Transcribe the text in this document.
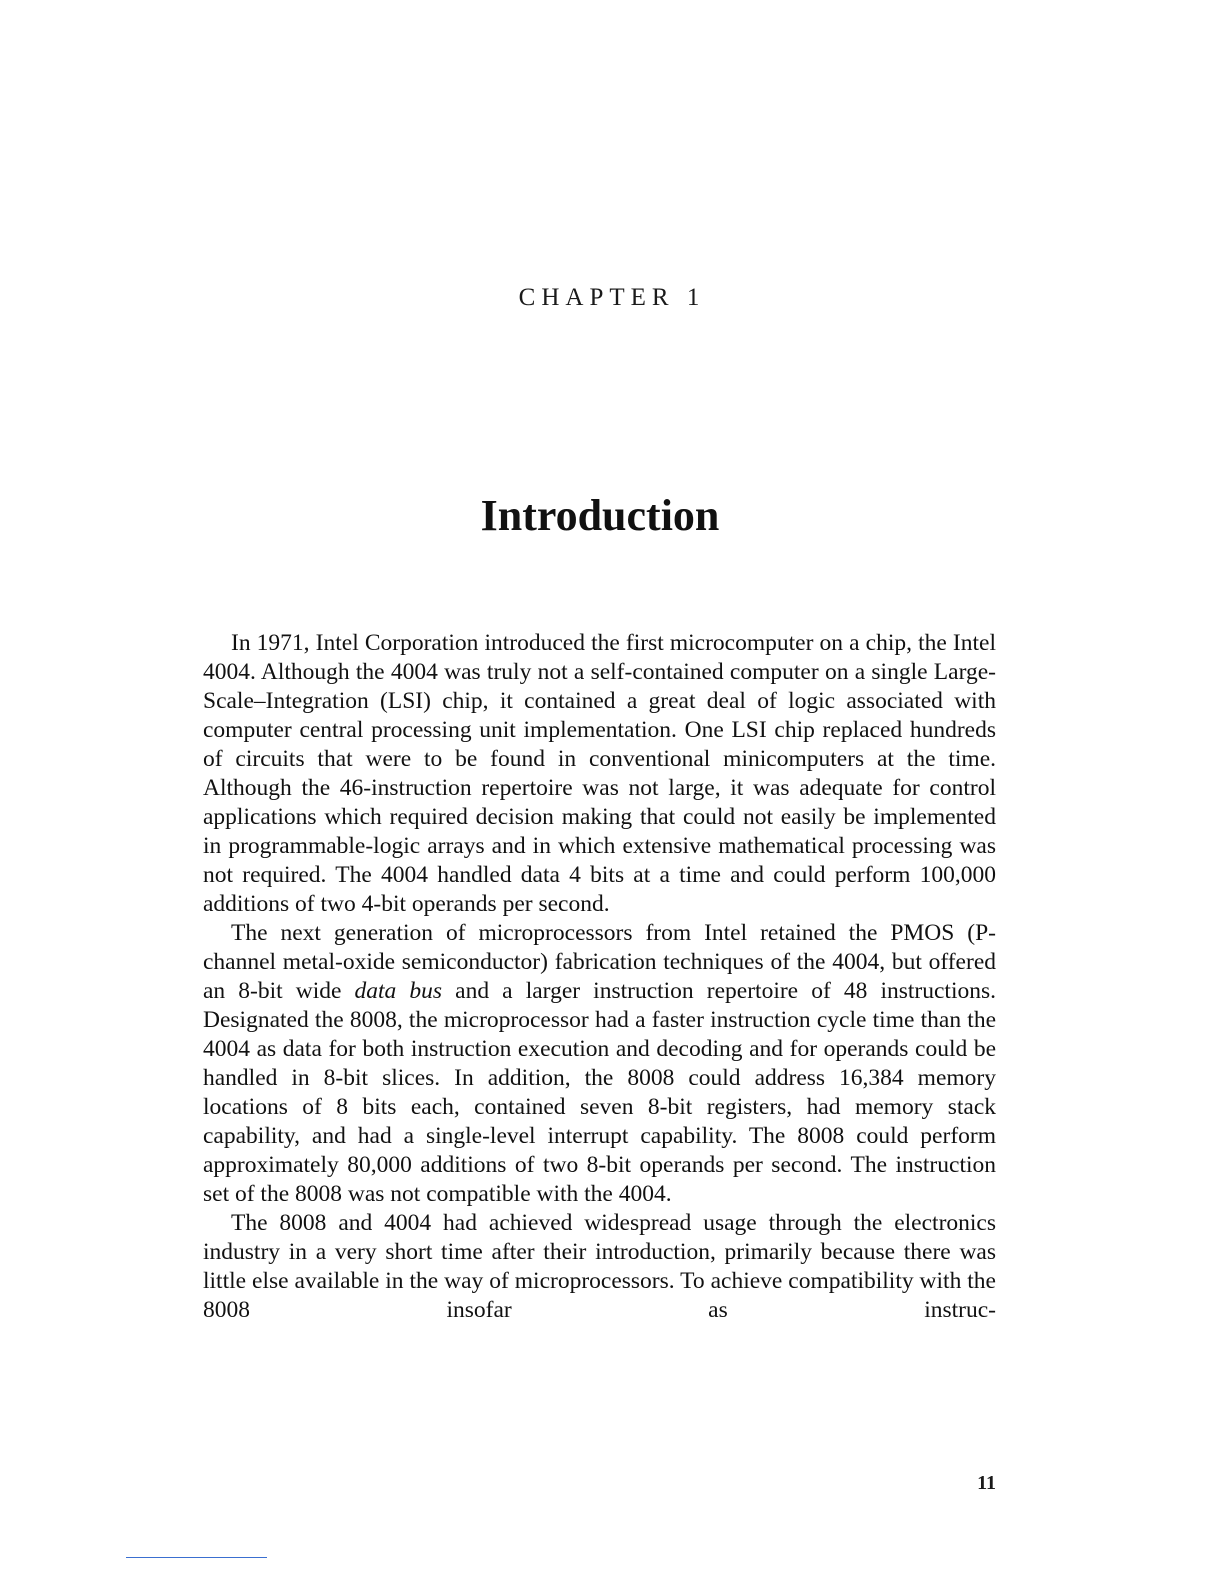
CHAPTER 1
Introduction

In 1971, Intel Corporation introduced the first microcomputer on a chip, the Intel 4004. Although the 4004 was truly not a self-contained computer on a single Large-Scale–Integration (LSI) chip, it contained a great deal of logic associated with computer central processing unit implementation. One LSI chip replaced hundreds of circuits that were to be found in conventional minicomputers at the time. Although the 46-instruction repertoire was not large, it was adequate for control applications which required decision making that could not easily be implemented in programmable-logic arrays and in which extensive mathematical processing was not required. The 4004 handled data 4 bits at a time and could perform 100,000 additions of two 4-bit operands per second.

The next generation of microprocessors from Intel retained the PMOS (P-channel metal-oxide semiconductor) fabrication techniques of the 4004, but offered an 8-bit wide data bus and a larger instruction repertoire of 48 instructions. Designated the 8008, the microprocessor had a faster instruction cycle time than the 4004 as data for both instruction execution and decoding and for operands could be handled in 8-bit slices. In addition, the 8008 could address 16,384 memory locations of 8 bits each, contained seven 8-bit registers, had memory stack capability, and had a single-level interrupt capability. The 8008 could perform approximately 80,000 additions of two 8-bit operands per second. The instruction set of the 8008 was not compatible with the 4004.

The 8008 and 4004 had achieved widespread usage through the electronics industry in a very short time after their introduction, primarily because there was little else available in the way of microprocessors. To achieve compatibility with the 8008 insofar as instruc-

11
